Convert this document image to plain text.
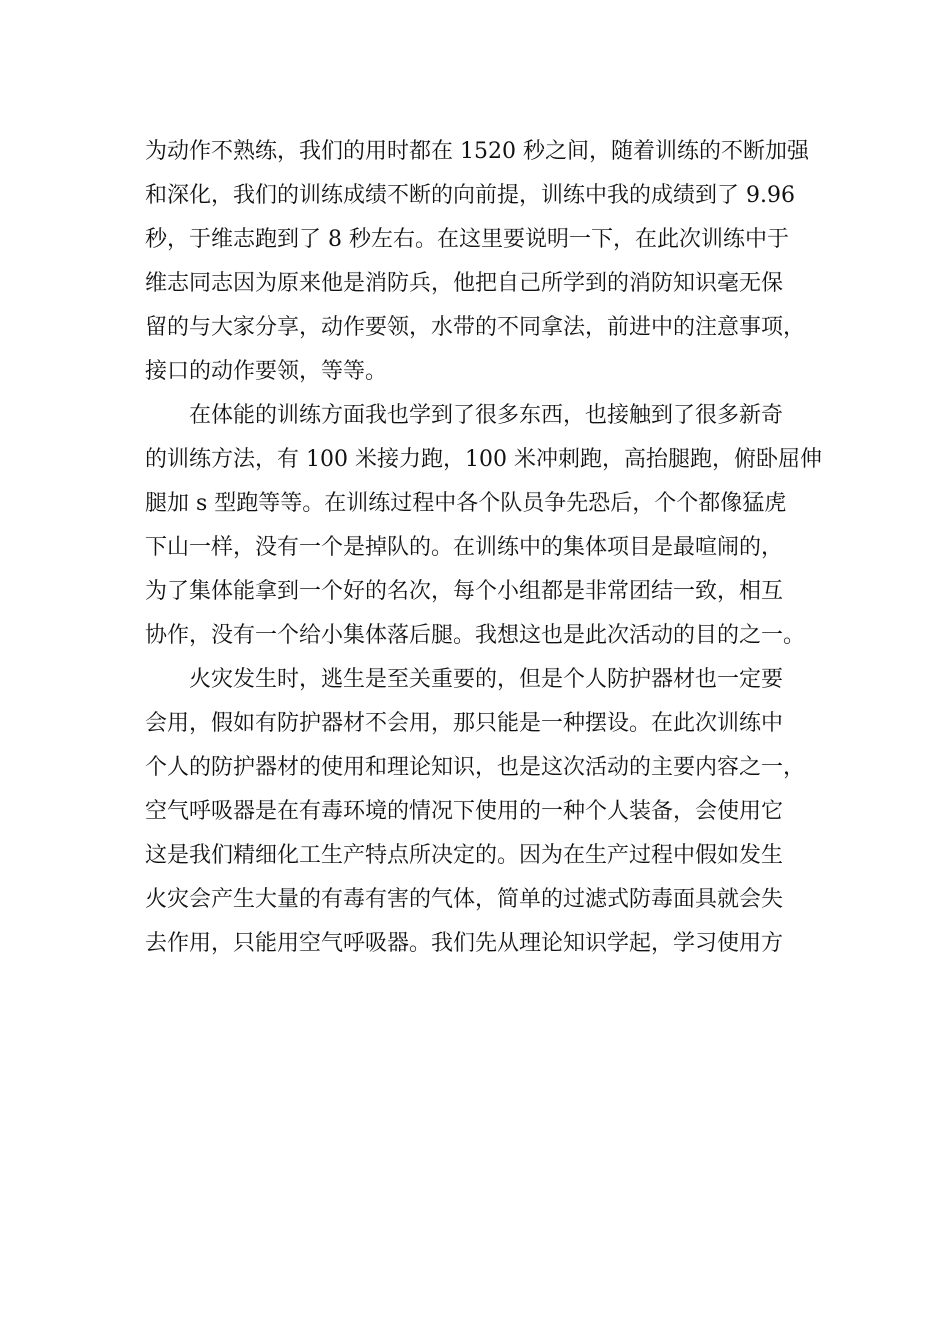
为动作不熟练，我们的用时都在 1520 秒之间，随着训练的不断加强
和深化，我们的训练成绩不断的向前提，训练中我的成绩到了 9.96
秒，于维志跑到了 8 秒左右。在这里要说明一下，在此次训练中于
维志同志因为原来他是消防兵，他把自己所学到的消防知识毫无保
留的与大家分享，动作要领，水带的不同拿法，前进中的注意事项，
接口的动作要领，等等。
在体能的训练方面我也学到了很多东西，也接触到了很多新奇
的训练方法，有 100 米接力跑，100 米冲刺跑，高抬腿跑，俯卧屈伸
腿加 s 型跑等等。在训练过程中各个队员争先恐后，个个都像猛虎
下山一样，没有一个是掉队的。在训练中的集体项目是最喧闹的，
为了集体能拿到一个好的名次，每个小组都是非常团结一致，相互
协作，没有一个给小集体落后腿。我想这也是此次活动的目的之一。
火灾发生时，逃生是至关重要的，但是个人防护器材也一定要
会用，假如有防护器材不会用，那只能是一种摆设。在此次训练中
个人的防护器材的使用和理论知识，也是这次活动的主要内容之一，
空气呼吸器是在有毒环境的情况下使用的一种个人装备，会使用它
这是我们精细化工生产特点所决定的。因为在生产过程中假如发生
火灾会产生大量的有毒有害的气体，简单的过滤式防毒面具就会失
去作用，只能用空气呼吸器。我们先从理论知识学起，学习使用方
